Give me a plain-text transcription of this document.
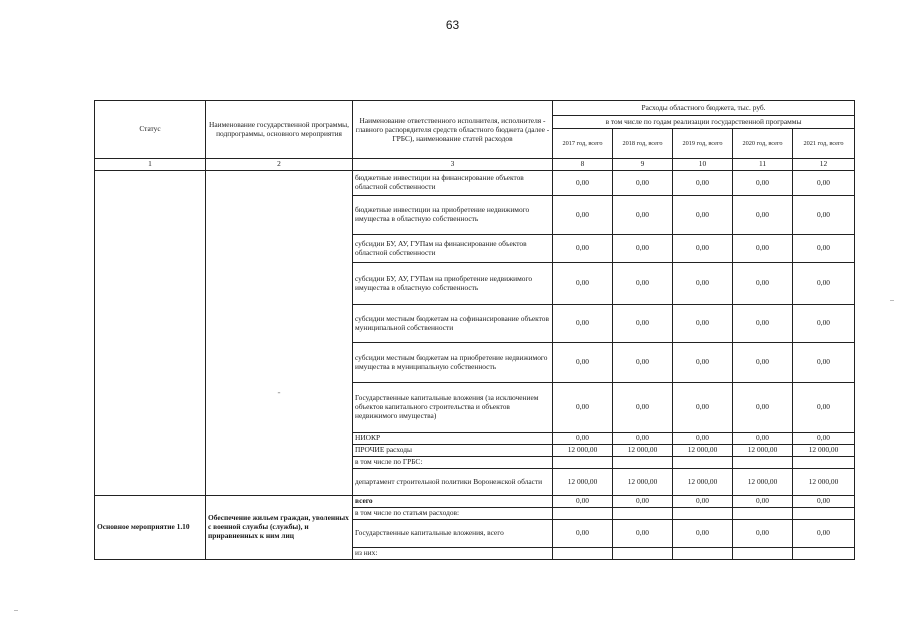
63
Статус	Наименование государственной программы, подпрограммы, основного мероприятия	Наименование ответственного исполнителя, исполнителя - главного распорядителя средств областного бюджета (далее - ГРБС), наименование статей расходов	Расходы областного бюджета, тыс. руб.				
			в том числе по годам реализации государственной программы				
			2017 год, всего	2018 год, всего	2019 год, всего	2020 год, всего	2021 год, всего
1	2	3	8	9	10	11	12

	-	бюджетные инвестиции на финансирование объектов областной собственности	0,00	0,00	0,00	0,00	0,00
		бюджетные инвестиции на приобретение недвижимого имущества в областную собственность	0,00	0,00	0,00	0,00	0,00
		субсидии БУ, АУ, ГУПам на финансирование объектов областной собственности	0,00	0,00	0,00	0,00	0,00
		субсидии БУ, АУ, ГУПам на приобретение недвижимого имущества в областную собственность	0,00	0,00	0,00	0,00	0,00
		субсидии местным бюджетам на софинансирование объектов муниципальной собственности	0,00	0,00	0,00	0,00	0,00
		субсидии местным бюджетам на приобретение недвижимого имущества в муниципальную собственность	0,00	0,00	0,00	0,00	0,00
		Государственные капитальные вложения (за исключением объектов капитального строительства и объектов недвижимого имущества)	0,00	0,00	0,00	0,00	0,00
		НИОКР	0,00	0,00	0,00	0,00	0,00
		ПРОЧИЕ расходы	12 000,00	12 000,00	12 000,00	12 000,00	12 000,00
		в том числе по ГРБС:					
		департамент строительной политики Воронежской области	12 000,00	12 000,00	12 000,00	12 000,00	12 000,00
Основное мероприятие 1.10	Обеспечение жильем граждан, уволенных с военной службы (службы), и приравненных к ним лиц	всего	0,00	0,00	0,00	0,00	0,00
		в том числе по статьям расходов:					
		Государственные капитальные вложения, всего	0,00	0,00	0,00	0,00	0,00
		из них:					
